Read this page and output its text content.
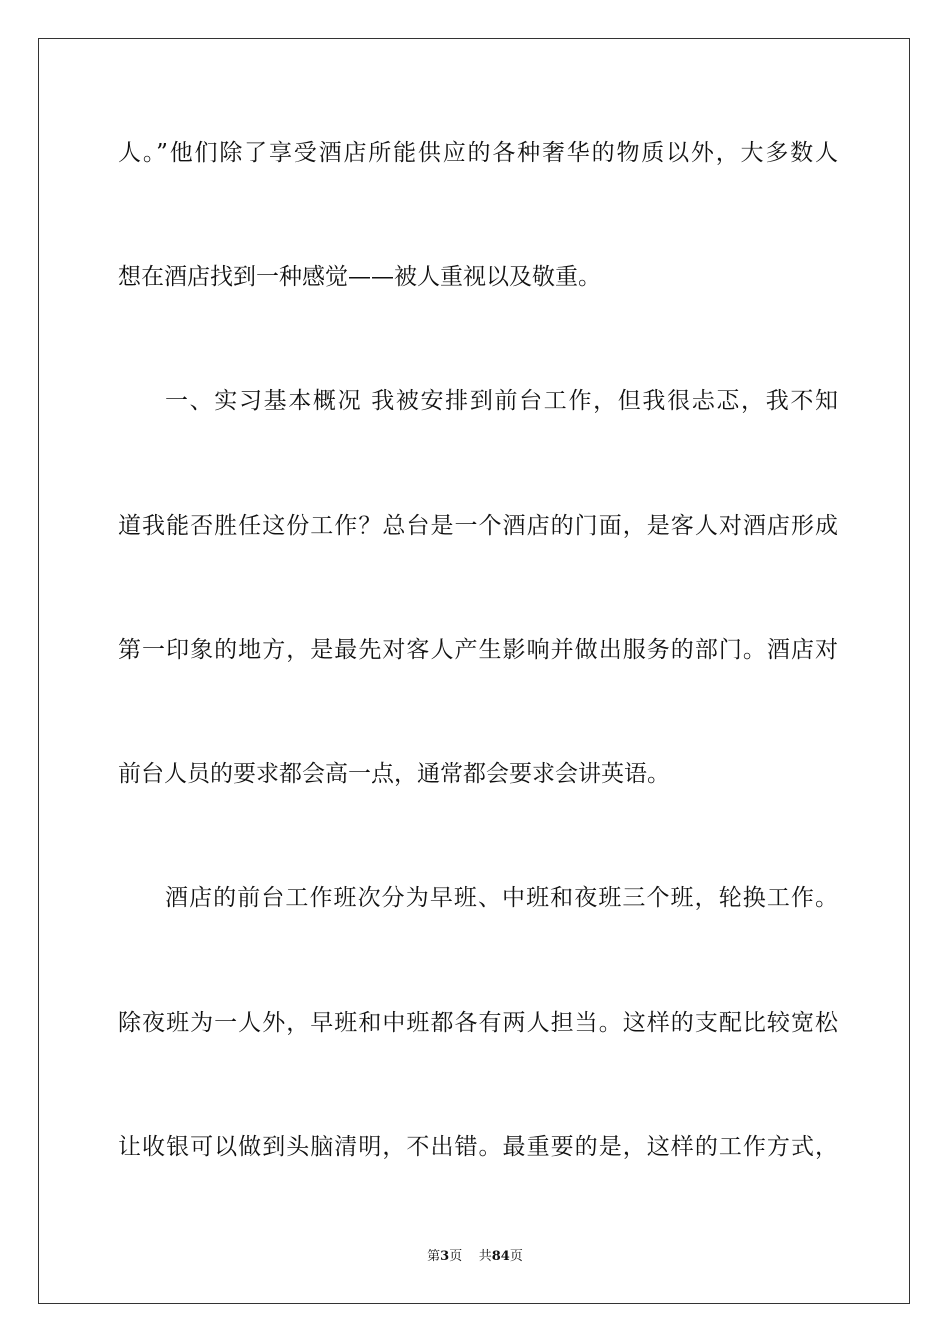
人。”他们除了享受酒店所能供应的各种奢华的物质以外，大多数人
想在酒店找到一种感觉——被人重视以及敬重。
一、实习基本概况 我被安排到前台工作，但我很忐忑，我不知
道我能否胜任这份工作？总台是一个酒店的门面，是客人对酒店形成
第一印象的地方，是最先对客人产生影响并做出服务的部门。酒店对
前台人员的要求都会高一点，通常都会要求会讲英语。
酒店的前台工作班次分为早班、中班和夜班三个班，轮换工作。
除夜班为一人外，早班和中班都各有两人担当。这样的支配比较宽松
让收银可以做到头脑清明，不出错。最重要的是，这样的工作方式，
第3页 共84页
